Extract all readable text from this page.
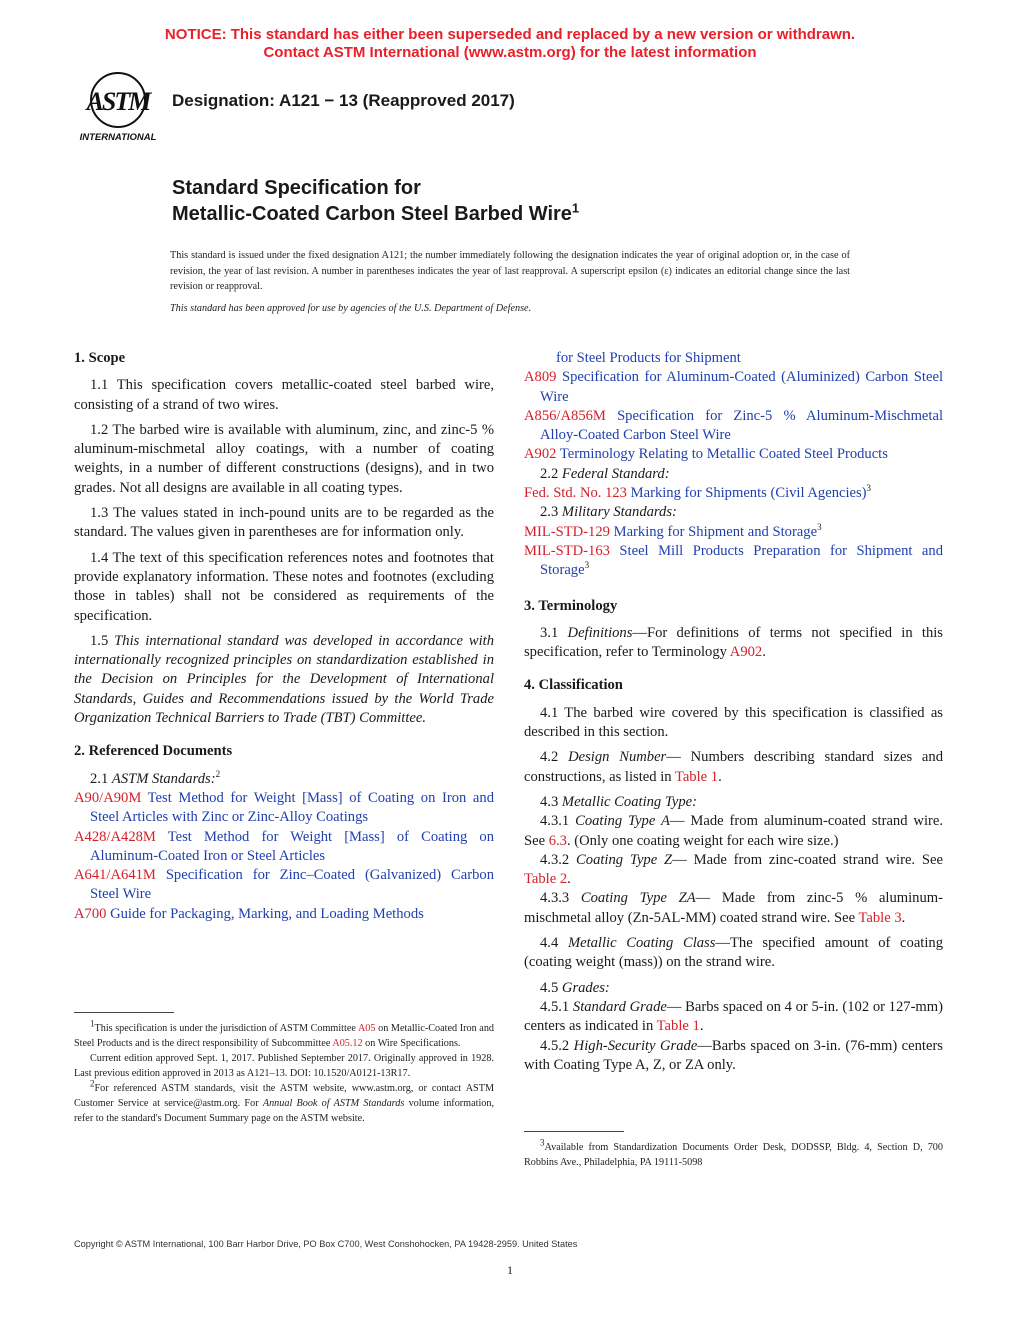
NOTICE: This standard has either been superseded and replaced by a new version or withdrawn.
Contact ASTM International (www.astm.org) for the latest information
ASTM
INTERNATIONAL
Designation: A121 − 13 (Reapproved 2017)
Standard Specification for
Metallic-Coated Carbon Steel Barbed Wire$^1$
This standard is issued under the fixed designation A121; the number immediately following the designation indicates the year of original adoption or, in the case of revision, the year of last revision. A number in parentheses indicates the year of last reapproval. A superscript epsilon (ε) indicates an editorial change since the last revision or reapproval.
This standard has been approved for use by agencies of the U.S. Department of Defense.
1. Scope

1.1 This specification covers metallic-coated steel barbed wire, consisting of a strand of two wires.

1.2 The barbed wire is available with aluminum, zinc, and zinc-5 % aluminum-mischmetal alloy coatings, with a number of coating weights, in a number of different constructions (designs), and in two grades. Not all designs are available in all coating types.

1.3 The values stated in inch-pound units are to be regarded as the standard. The values given in parentheses are for information only.

1.4 The text of this specification references notes and footnotes that provide explanatory information. These notes and footnotes (excluding those in tables) shall not be considered as requirements of the specification.

1.5 This international standard was developed in accordance with internationally recognized principles on standardization established in the Decision on Principles for the Development of International Standards, Guides and Recommendations issued by the World Trade Organization Technical Barriers to Trade (TBT) Committee.

2. Referenced Documents

2.1 ASTM Standards:$^2$

A90/A90M Test Method for Weight [Mass] of Coating on Iron and Steel Articles with Zinc or Zinc-Alloy Coatings

A428/A428M Test Method for Weight [Mass] of Coating on Aluminum-Coated Iron or Steel Articles

A641/A641M Specification for Zinc–Coated (Galvanized) Carbon Steel Wire

A700 Guide for Packaging, Marking, and Loading Methods

for Steel Products for Shipment

A809 Specification for Aluminum-Coated (Aluminized) Carbon Steel Wire

A856/A856M Specification for Zinc-5 % Aluminum-Mischmetal Alloy-Coated Carbon Steel Wire

A902 Terminology Relating to Metallic Coated Steel Products

2.2 Federal Standard:

Fed. Std. No. 123 Marking for Shipments (Civil Agencies)$^3$

2.3 Military Standards:

MIL-STD-129 Marking for Shipment and Storage$^3$

MIL-STD-163 Steel Mill Products Preparation for Shipment and Storage$^3$

3. Terminology

3.1 Definitions—For definitions of terms not specified in this specification, refer to Terminology A902.

4. Classification

4.1 The barbed wire covered by this specification is classified as described in this section.

4.2 Design Number— Numbers describing standard sizes and constructions, as listed in Table 1.

4.3 Metallic Coating Type:

4.3.1 Coating Type A— Made from aluminum-coated strand wire. See 6.3. (Only one coating weight for each wire size.)

4.3.2 Coating Type Z— Made from zinc-coated strand wire. See Table 2.

4.3.3 Coating Type ZA— Made from zinc-5 % aluminum-mischmetal alloy (Zn-5AL-MM) coated strand wire. See Table 3.

4.4 Metallic Coating Class—The specified amount of coating (coating weight (mass)) on the strand wire.

4.5 Grades:

4.5.1 Standard Grade— Barbs spaced on 4 or 5-in. (102 or 127-mm) centers as indicated in Table 1.

4.5.2 High-Security Grade—Barbs spaced on 3-in. (76-mm) centers with Coating Type A, Z, or ZA only.

$^1$This specification is under the jurisdiction of ASTM Committee A05 on Metallic-Coated Iron and Steel Products and is the direct responsibility of Subcommittee A05.12 on Wire Specifications.

Current edition approved Sept. 1, 2017. Published September 2017. Originally approved in 1928. Last previous edition approved in 2013 as A121–13. DOI: 10.1520/A0121-13R17.

$^2$For referenced ASTM standards, visit the ASTM website, www.astm.org, or contact ASTM Customer Service at service@astm.org. For Annual Book of ASTM Standards volume information, refer to the standard's Document Summary page on the ASTM website.

$^3$Available from Standardization Documents Order Desk, DODSSP, Bldg. 4, Section D, 700 Robbins Ave., Philadelphia, PA 19111-5098

Copyright © ASTM International, 100 Barr Harbor Drive, PO Box C700, West Conshohocken, PA 19428-2959. United States
1
